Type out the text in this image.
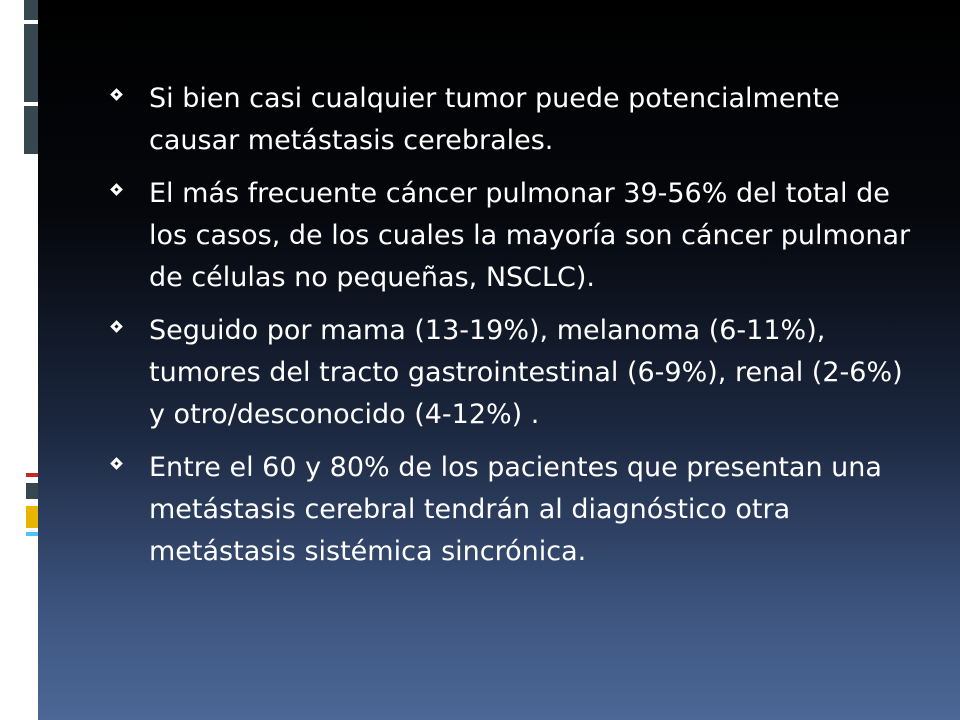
Si bien casi cualquier tumor puede potencialmente causar metástasis cerebrales.
El más frecuente cáncer pulmonar 39-56% del total de los casos, de los cuales la mayoría son cáncer pulmonar de células no pequeñas, NSCLC).
Seguido por mama (13-19%), melanoma (6-11%), tumores del tracto gastrointestinal (6-9%), renal (2-6%) y otro/desconocido (4-12%) .
Entre el 60 y 80% de los pacientes que presentan una metástasis cerebral tendrán al diagnóstico otra metástasis sistémica sincrónica.
